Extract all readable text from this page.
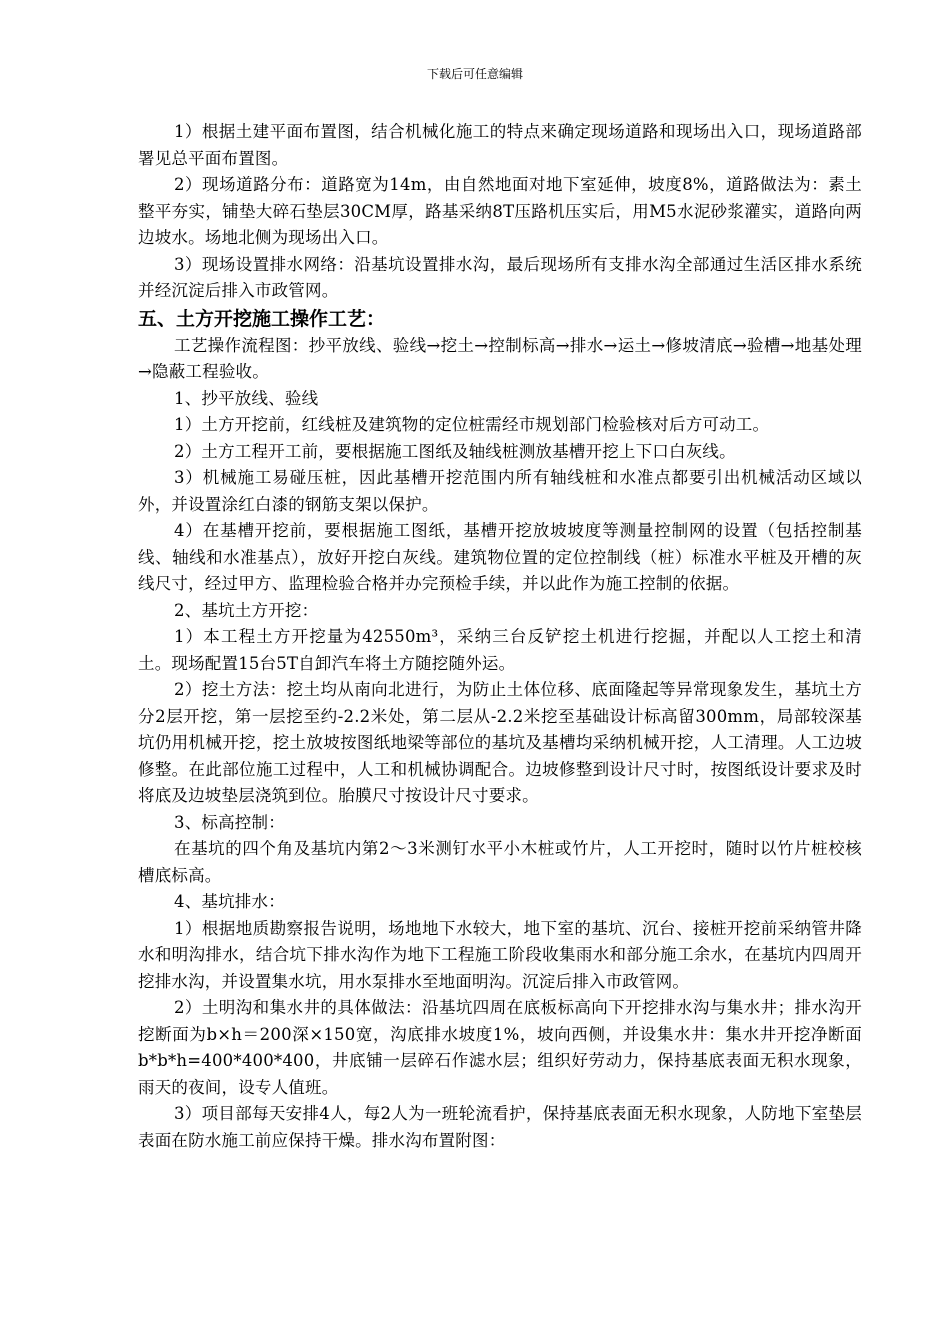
下载后可任意编辑

1）根据土建平面布置图，结合机械化施工的特点来确定现场道路和现场出入口，现场道路部署见总平面布置图。

2）现场道路分布：道路宽为14m，由自然地面对地下室延伸，坡度8%，道路做法为：素土整平夯实，铺垫大碎石垫层30CM厚，路基采纳8T压路机压实后，用M5水泥砂浆灌实，道路向两边坡水。场地北侧为现场出入口。

3）现场设置排水网络：沿基坑设置排水沟，最后现场所有支排水沟全部通过生活区排水系统并经沉淀后排入市政管网。

五、土方开挖施工操作工艺：

工艺操作流程图：抄平放线、验线→挖土→控制标高→排水→运土→修坡清底→验槽→地基处理→隐蔽工程验收。

1、抄平放线、验线

1）土方开挖前，红线桩及建筑物的定位桩需经市规划部门检验核对后方可动工。

2）土方工程开工前，要根据施工图纸及轴线桩测放基槽开挖上下口白灰线。

3）机械施工易碰压桩，因此基槽开挖范围内所有轴线桩和水准点都要引出机械活动区域以外，并设置涂红白漆的钢筋支架以保护。

4）在基槽开挖前，要根据施工图纸，基槽开挖放坡坡度等测量控制网的设置（包括控制基线、轴线和水准基点），放好开挖白灰线。建筑物位置的定位控制线（桩）标准水平桩及开槽的灰线尺寸，经过甲方、监理检验合格并办完预检手续，并以此作为施工控制的依据。

2、基坑土方开挖：

1）本工程土方开挖量为42550m³，采纳三台反铲挖土机进行挖掘，并配以人工挖土和清土。现场配置15台5T自卸汽车将土方随挖随外运。

2）挖土方法：挖土均从南向北进行，为防止土体位移、底面隆起等异常现象发生，基坑土方分2层开挖，第一层挖至约-2.2米处，第二层从-2.2米挖至基础设计标高留300mm，局部较深基坑仍用机械开挖，挖土放坡按图纸地梁等部位的基坑及基槽均采纳机械开挖，人工清理。人工边坡修整。在此部位施工过程中，人工和机械协调配合。边坡修整到设计尺寸时，按图纸设计要求及时将底及边坡垫层浇筑到位。胎膜尺寸按设计尺寸要求。

3、标高控制：

在基坑的四个角及基坑内第2～3米测钉水平小木桩或竹片，人工开挖时，随时以竹片桩校核槽底标高。

4、基坑排水：

1）根据地质勘察报告说明，场地地下水较大，地下室的基坑、沉台、接桩开挖前采纳管井降水和明沟排水，结合坑下排水沟作为地下工程施工阶段收集雨水和部分施工余水，在基坑内四周开挖排水沟，并设置集水坑，用水泵排水至地面明沟。沉淀后排入市政管网。

2）土明沟和集水井的具体做法：沿基坑四周在底板标高向下开挖排水沟与集水井；排水沟开挖断面为b×h＝200深×150宽，沟底排水坡度1%，坡向西侧，并设集水井：集水井开挖净断面b*b*h=400*400*400，井底铺一层碎石作滤水层；组织好劳动力，保持基底表面无积水现象，雨天的夜间，设专人值班。

3）项目部每天安排4人，每2人为一班轮流看护，保持基底表面无积水现象，人防地下室垫层表面在防水施工前应保持干燥。排水沟布置附图：
